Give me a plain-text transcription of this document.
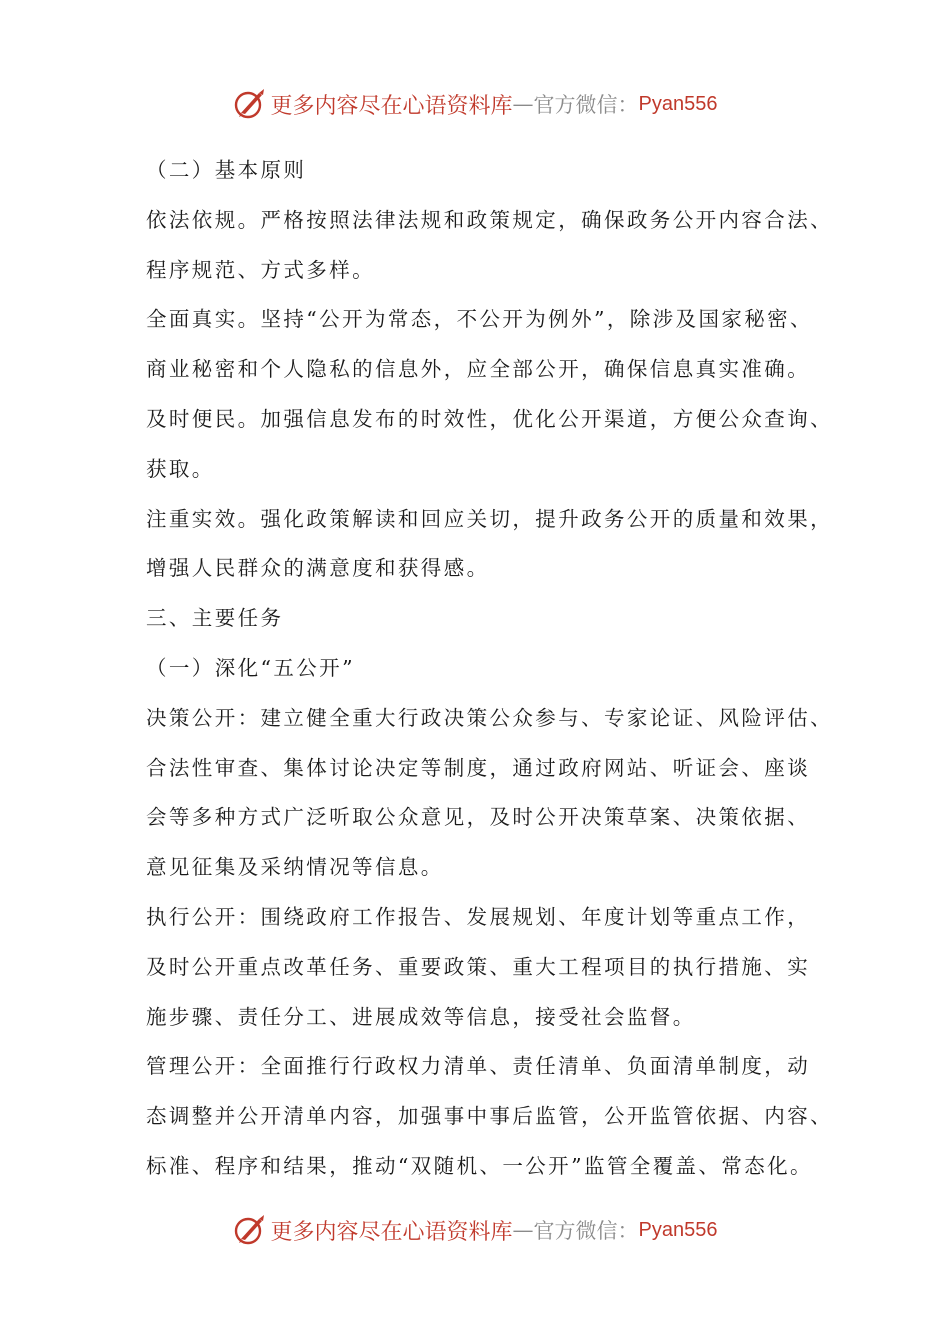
更多内容尽在心语资料库 — 官方微信： Pyan556
（二）基本原则
依法依规。严格按照法律法规和政策规定，确保政务公开内容合法、
程序规范、方式多样。
全面真实。坚持“公开为常态，不公开为例外”，除涉及国家秘密、
商业秘密和个人隐私的信息外，应全部公开，确保信息真实准确。
及时便民。加强信息发布的时效性，优化公开渠道，方便公众查询、
获取。
注重实效。强化政策解读和回应关切，提升政务公开的质量和效果，
增强人民群众的满意度和获得感。
三、主要任务
（一）深化“五公开”
决策公开：建立健全重大行政决策公众参与、专家论证、风险评估、
合法性审查、集体讨论决定等制度，通过政府网站、听证会、座谈
会等多种方式广泛听取公众意见，及时公开决策草案、决策依据、
意见征集及采纳情况等信息。
执行公开：围绕政府工作报告、发展规划、年度计划等重点工作，
及时公开重点改革任务、重要政策、重大工程项目的执行措施、实
施步骤、责任分工、进展成效等信息，接受社会监督。
管理公开：全面推行行政权力清单、责任清单、负面清单制度，动
态调整并公开清单内容，加强事中事后监管，公开监管依据、内容、
标准、程序和结果，推动“双随机、一公开”监管全覆盖、常态化。
更多内容尽在心语资料库 — 官方微信： Pyan556
